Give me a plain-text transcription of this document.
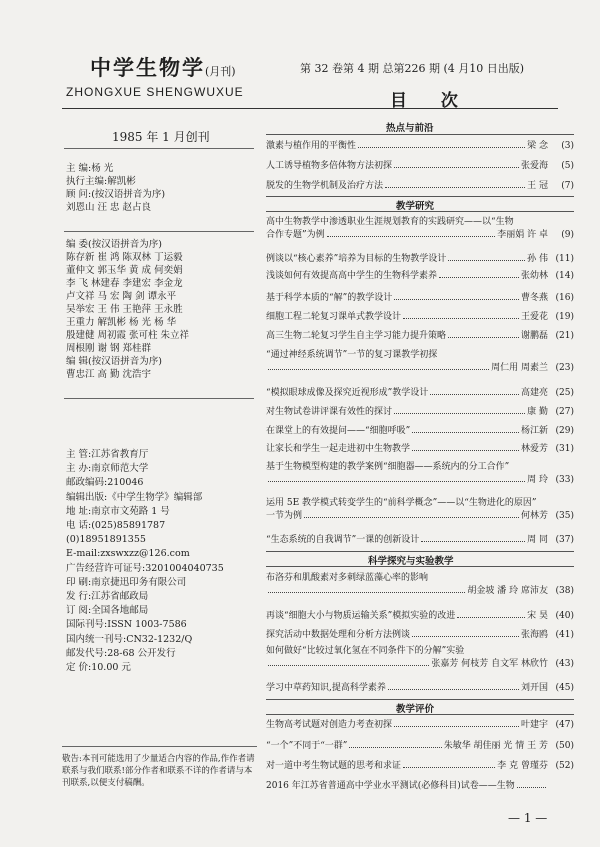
中学生物学(月刊)
ZHONGXUE SHENGWUXUE
第 32 卷第 4 期 总第226 期 (4 月10 日出版)
目 次
1985 年 1 月创刊
主 编:杨 光
执行主编:解凯彬
顾 问:(按汉语拼音为序)
刘恩山 汪 忠 赵占良
编 委(按汉语拼音为序)
陈存新 崔 鸿 陈双林 丁运毅
董仲文 郭玉华 黄 成 何奕娟
李 飞 林建春 李建宏 李金龙
卢文祥 马 宏 陶 剑 谭永平
吴举宏 王 伟 王艳萍 王永胜
王重力 解凯彬 杨 光 杨 华
殷建健 周初霞 张可柱 朱立祥
周根刚 谢 钢 郑桂群
编 辑(按汉语拼音为序)
曹忠江 高 勤 沈浩宇
主 管:江苏省教育厅
主 办:南京师范大学
邮政编码:210046
编辑出版:《中学生物学》编辑部
地 址:南京市文苑路 1 号
电 话:(025)85891787
(0)18951891355
E-mail:zxswxzz@126.com
广告经营许可证号:3201004040735
印 刷:南京捷迅印务有限公司
发 行:江苏省邮政局
订 阅:全国各地邮局
国际刊号:ISSN 1003-7586
国内统一刊号:CN32-1232/Q
邮发代号:28-68 公开发行
定 价:10.00 元
敬告:本刊可能选用了少量适合内容的作品,作作者请联系与我们联系!部分作者和联系不详的作者请与本刊联系,以便支付稿酬。
热点与前沿
激素与植作用的平衡性	梁 念	(3)
人工诱导植物多倍体物方法初探	张爱海	(5)
脱发的生物学机制及治疗方法	王 冠	(7)
教学研究
高中生物教学中渗透职业生涯规划教育的实践研究——以“生物
合作专题”为例	李丽娟 许 卓	(9)
例谈以“核心素养”培养为目标的生物教学设计	孙 伟 (11)
浅谈如何有效提高高中学生的生物科学素养	张幼林 (14)
基于科学本质的“解”的教学设计	曹冬燕 (16)
细胞工程二轮复习课单式教学设计	王爱花 (19)
高三生物二轮复习学生自主学习能力提升策略	谢鹏磊 (21)
“通过神经系统调节”一节的复习课教学初探
周仁用 周素兰 (23)
“模拟眼球成像及探究近视形成”教学设计	高建亮 (25)
对生物试卷讲评课有效性的探讨	康 勤 (27)
在课堂上的有效提问——“细胞呼吸”	杨江新 (29)
让家长和学生一起走进初中生物教学	林爱芳 (31)
基于生物模型构建的教学案例“细胞器——系统内的分工合作”
周 玲 (33)
运用 5E 教学模式转变学生的“前科学概念”——以“生物进化的原因”
一节为例	何林芳 (35)
“生态系统的自我调节”一课的创新设计	周 同 (37)
科学探究与实验教学
布洛芬和肌酸素对多刺绿蓝藻心率的影响
胡金坡 潘 玲 席沛友 (38)
再谈“细胞大小与物质运输关系”模拟实验的改进	宋 昊 (40)
探究活动中数据处理和分析方法例谈	张海鸥 (41)
如何做好“比较过氧化氢在不同条件下的分解”实验
张嘉芳 何枝芳 自文军 林欣竹 (43)
学习中草药知识,提高科学素养	刘开国 (45)
教学评价
生物高考试题对创造力考查初探	叶建宇 (47)
“一个”不同于“一群”	朱敏华 胡佳丽 光 情 王 芳 (50)
对一道中考生物试题的思考和求证	李 克 曾瑾芬 (52)
2016 年江苏省普通高中学业水平测试(必修科目)试卷——生物
— 1 —
